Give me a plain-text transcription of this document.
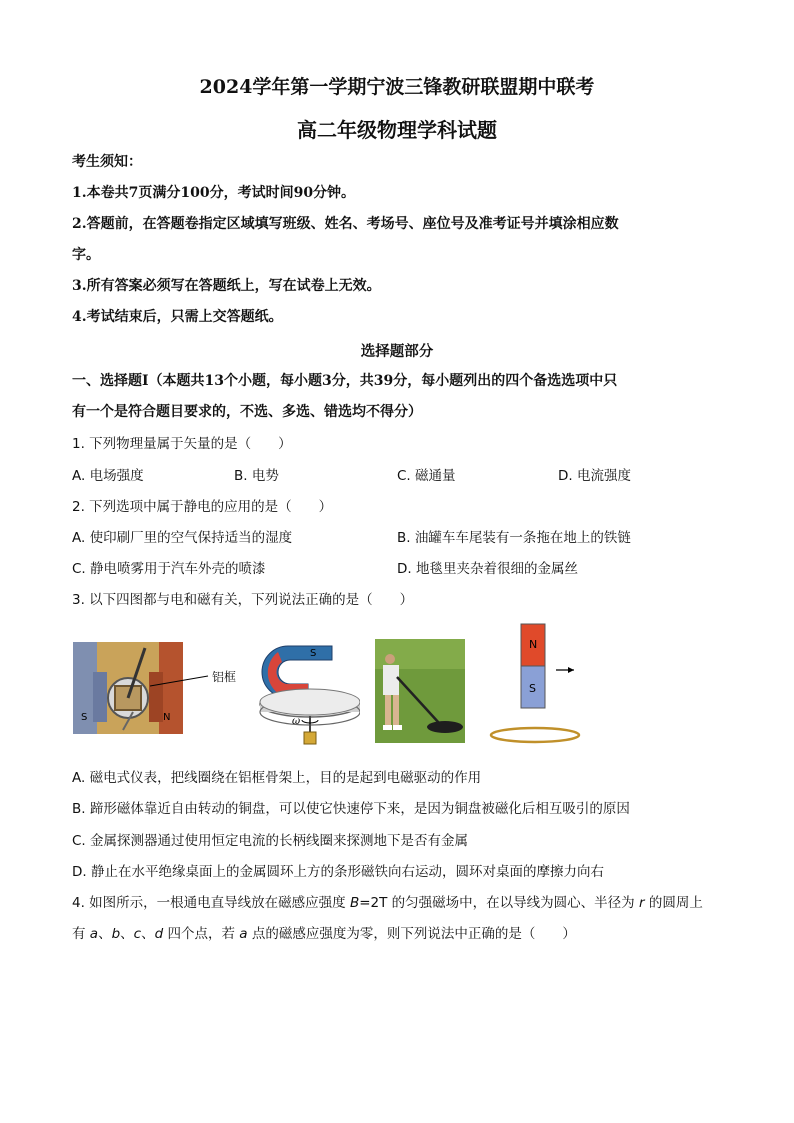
2024学年第一学期宁波三锋教研联盟期中联考
高二年级物理学科试题
考生须知：
1.本卷共7页满分100分，考试时间90分钟。
2.答题前，在答题卷指定区域填写班级、姓名、考场号、座位号及准考证号并填涂相应数
字。
3.所有答案必须写在答题纸上，写在试卷上无效。
4.考试结束后，只需上交答题纸。
选择题部分
一、选择题Ⅰ（本题共13个小题，每小题3分，共39分，每小题列出的四个备选选项中只
有一个是符合题目要求的，不选、多选、错选均不得分）
1. 下列物理量属于矢量的是（　　）
A. 电场强度	B. 电势	C. 磁通量	D. 电流强度
2. 下列选项中属于静电的应用的是（　　）
A. 使印刷厂里的空气保持适当的湿度	B. 油罐车车尾装有一条拖在地上的铁链
C. 静电喷雾用于汽车外壳的喷漆	D. 地毯里夹杂着很细的金属丝
3. 以下四图都与电和磁有关，下列说法正确的是（　　）
S	N
铝框
S
ω
N
S
A. 磁电式仪表，把线圈绕在铝框骨架上，目的是起到电磁驱动的作用
B. 蹄形磁体靠近自由转动的铜盘，可以使它快速停下来，是因为铜盘被磁化后相互吸引的原因
C. 金属探测器通过使用恒定电流的长柄线圈来探测地下是否有金属
D. 静止在水平绝缘桌面上的金属圆环上方的条形磁铁向右运动，圆环对桌面的摩擦力向右
4. 如图所示，一根通电直导线放在磁感应强度 B=2T 的匀强磁场中，在以导线为圆心、半径为 r 的圆周上
有 a、b、c、d 四个点，若 a 点的磁感应强度为零，则下列说法中正确的是（　　）
